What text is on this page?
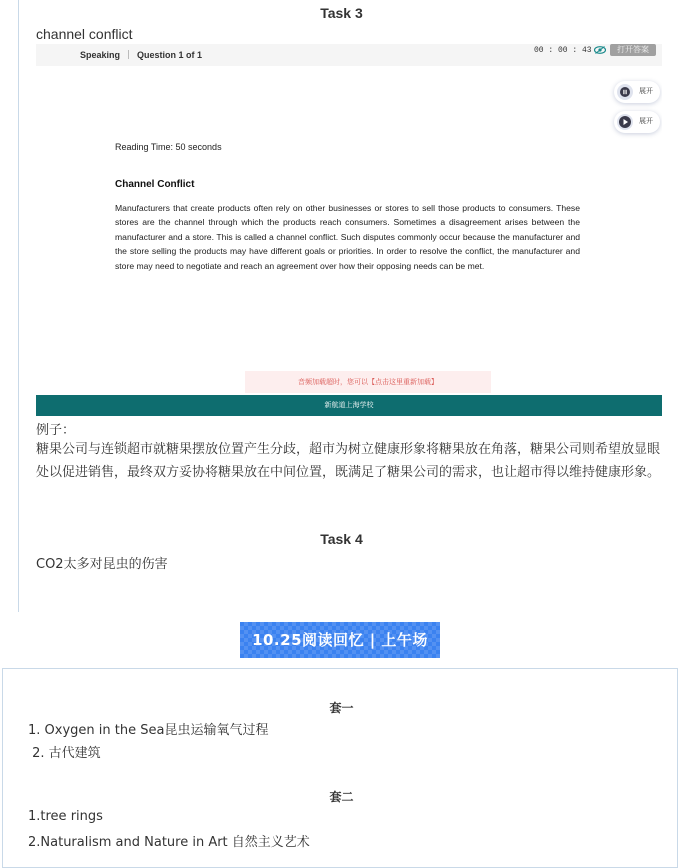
Task 3
channel conflict
Speaking Question 1 of 1	00 : 00 : 43	打开答案
展开
展开
Reading Time: 50 seconds
Channel Conflict
Manufacturers that create products often rely on other businesses or stores to sell those products to consumers. These stores are the channel through which the products reach consumers. Sometimes a disagreement arises between the manufacturer and a store. This is called a channel conflict. Such disputes commonly occur because the manufacturer and the store selling the products may have different goals or priorities. In order to resolve the conflict, the manufacturer and store may need to negotiate and reach an agreement over how their opposing needs can be met.
音频加载超时，您可以【点击这里重新加载】
新航道上海学校
例子：
糖果公司与连锁超市就糖果摆放位置产生分歧，超市为树立健康形象将糖果放在角落，糖果公司则希望放显眼处以促进销售，最终双方妥协将糖果放在中间位置，既满足了糖果公司的需求，也让超市得以维持健康形象。
Task 4
CO2太多对昆虫的伤害
10.25阅读回忆 | 上午场
套一
1. Oxygen in the Sea昆虫运输氧气过程
2. 古代建筑
套二
1.tree rings
2.Naturalism and Nature in Art 自然主义艺术
